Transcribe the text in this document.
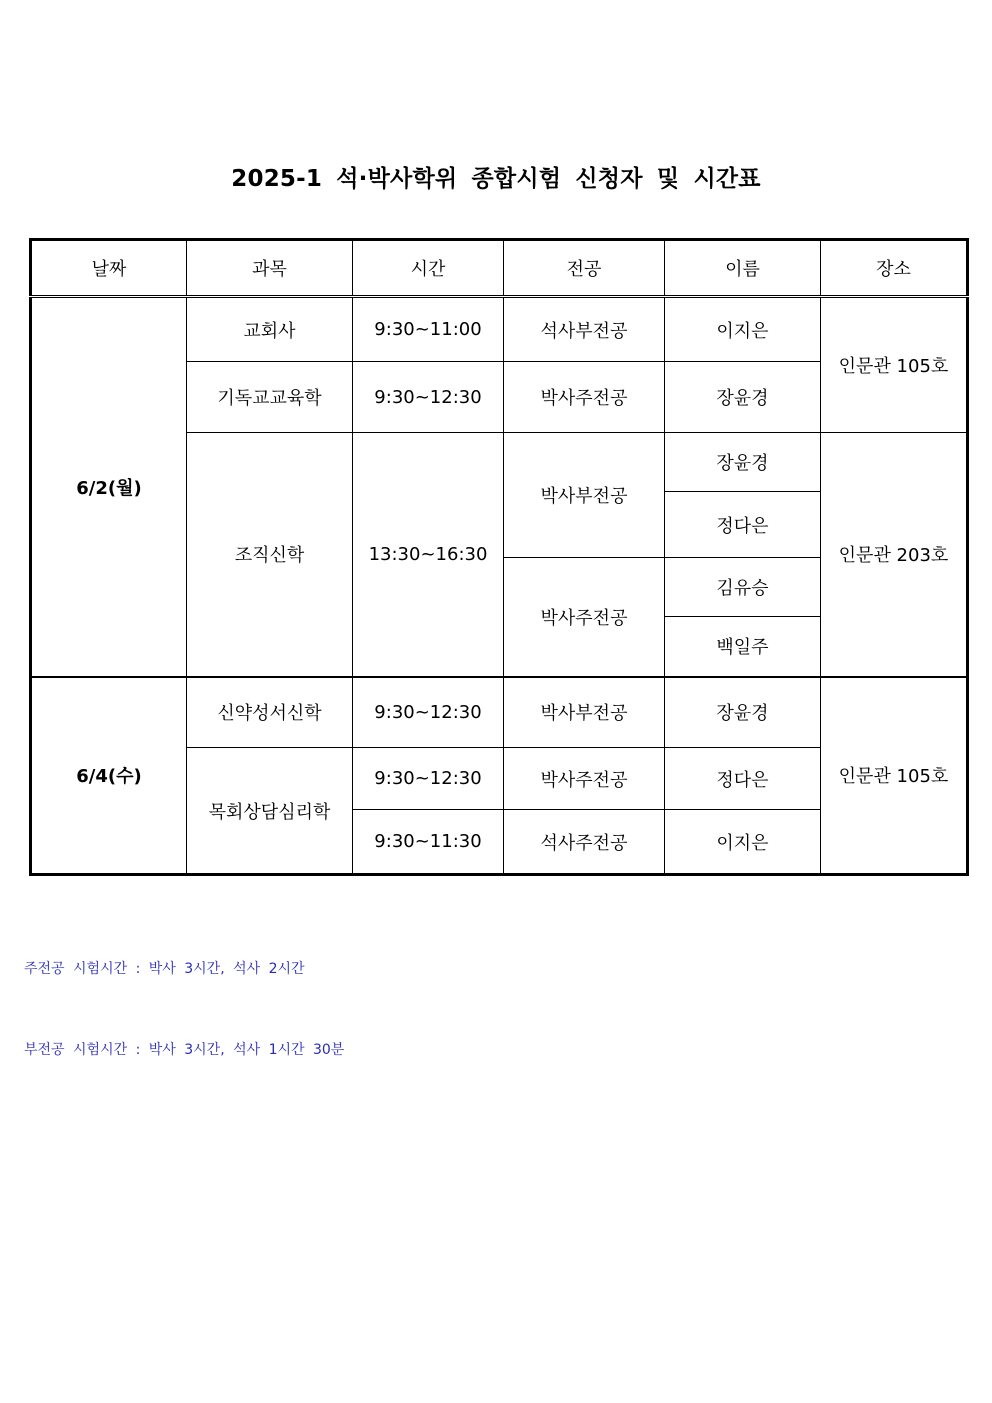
2025-1 석·박사학위 종합시험 신청자 및 시간표
날짜	과목	시간	전공	이름	장소
6/2(월)	교회사	9:30~11:00	석사부전공	이지은	인문관 105호
	기독교교육학	9:30~12:30	박사주전공	장윤경	
	조직신학	13:30~16:30	박사부전공	장윤경	인문관 203호
				정다은	
			박사주전공	김유승	
				백일주	
6/4(수)	신약성서신학	9:30~12:30	박사부전공	장윤경	인문관 105호
	목회상담심리학	9:30~12:30	박사주전공	정다은	
		9:30~11:30	석사주전공	이지은	

주전공 시험시간 : 박사 3시간, 석사 2시간

부전공 시험시간 : 박사 3시간, 석사 1시간 30분
